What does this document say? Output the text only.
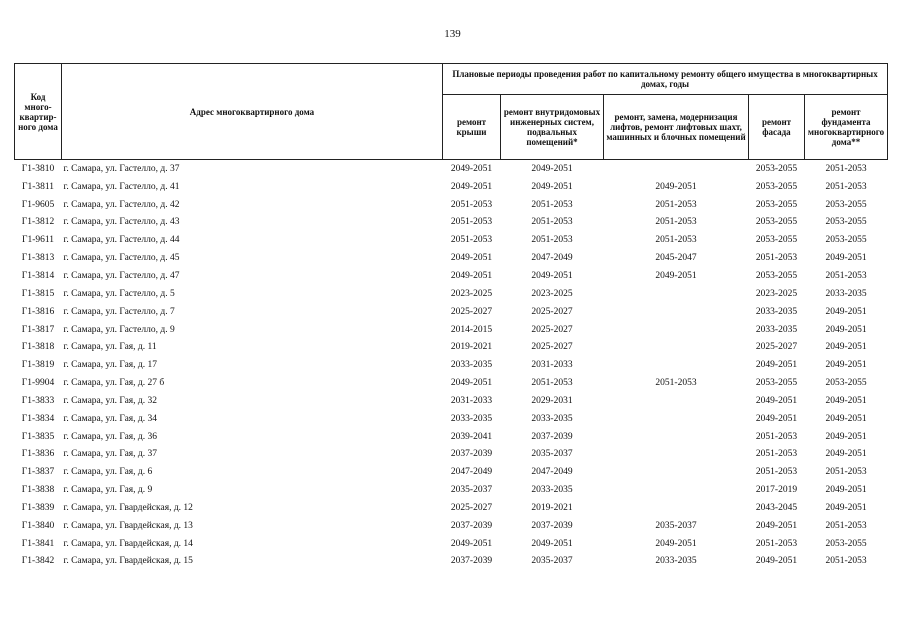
139
Код много-квартир-ного дома	Адрес многоквартирного дома	Плановые периоды проведения работ по капитальному ремонту общего имущества в многоквартирных домах, годы				
		ремонт крыши	ремонт внутридомовых инженерных систем, подвальных помещений*	ремонт, замена, модернизация лифтов, ремонт лифтовых шахт, машинных и блочных помещений	ремонт фасада	ремонт фундамента многоквартирного дома**
Г1-3810	г. Самара, ул. Гастелло, д. 37	2049-2051	2049-2051		2053-2055	2051-2053
Г1-3811	г. Самара, ул. Гастелло, д. 41	2049-2051	2049-2051	2049-2051	2053-2055	2051-2053
Г1-9605	г. Самара, ул. Гастелло, д. 42	2051-2053	2051-2053	2051-2053	2053-2055	2053-2055
Г1-3812	г. Самара, ул. Гастелло, д. 43	2051-2053	2051-2053	2051-2053	2053-2055	2053-2055
Г1-9611	г. Самара, ул. Гастелло, д. 44	2051-2053	2051-2053	2051-2053	2053-2055	2053-2055
Г1-3813	г. Самара, ул. Гастелло, д. 45	2049-2051	2047-2049	2045-2047	2051-2053	2049-2051
Г1-3814	г. Самара, ул. Гастелло, д. 47	2049-2051	2049-2051	2049-2051	2053-2055	2051-2053
Г1-3815	г. Самара, ул. Гастелло, д. 5	2023-2025	2023-2025		2023-2025	2033-2035
Г1-3816	г. Самара, ул. Гастелло, д. 7	2025-2027	2025-2027		2033-2035	2049-2051
Г1-3817	г. Самара, ул. Гастелло, д. 9	2014-2015	2025-2027		2033-2035	2049-2051
Г1-3818	г. Самара, ул. Гая, д. 11	2019-2021	2025-2027		2025-2027	2049-2051
Г1-3819	г. Самара, ул. Гая, д. 17	2033-2035	2031-2033		2049-2051	2049-2051
Г1-9904	г. Самара, ул. Гая, д. 27 б	2049-2051	2051-2053	2051-2053	2053-2055	2053-2055
Г1-3833	г. Самара, ул. Гая, д. 32	2031-2033	2029-2031		2049-2051	2049-2051
Г1-3834	г. Самара, ул. Гая, д. 34	2033-2035	2033-2035		2049-2051	2049-2051
Г1-3835	г. Самара, ул. Гая, д. 36	2039-2041	2037-2039		2051-2053	2049-2051
Г1-3836	г. Самара, ул. Гая, д. 37	2037-2039	2035-2037		2051-2053	2049-2051
Г1-3837	г. Самара, ул. Гая, д. 6	2047-2049	2047-2049		2051-2053	2051-2053
Г1-3838	г. Самара, ул. Гая, д. 9	2035-2037	2033-2035		2017-2019	2049-2051
Г1-3839	г. Самара, ул. Гвардейская, д. 12	2025-2027	2019-2021		2043-2045	2049-2051
Г1-3840	г. Самара, ул. Гвардейская, д. 13	2037-2039	2037-2039	2035-2037	2049-2051	2051-2053
Г1-3841	г. Самара, ул. Гвардейская, д. 14	2049-2051	2049-2051	2049-2051	2051-2053	2053-2055
Г1-3842	г. Самара, ул. Гвардейская, д. 15	2037-2039	2035-2037	2033-2035	2049-2051	2051-2053
